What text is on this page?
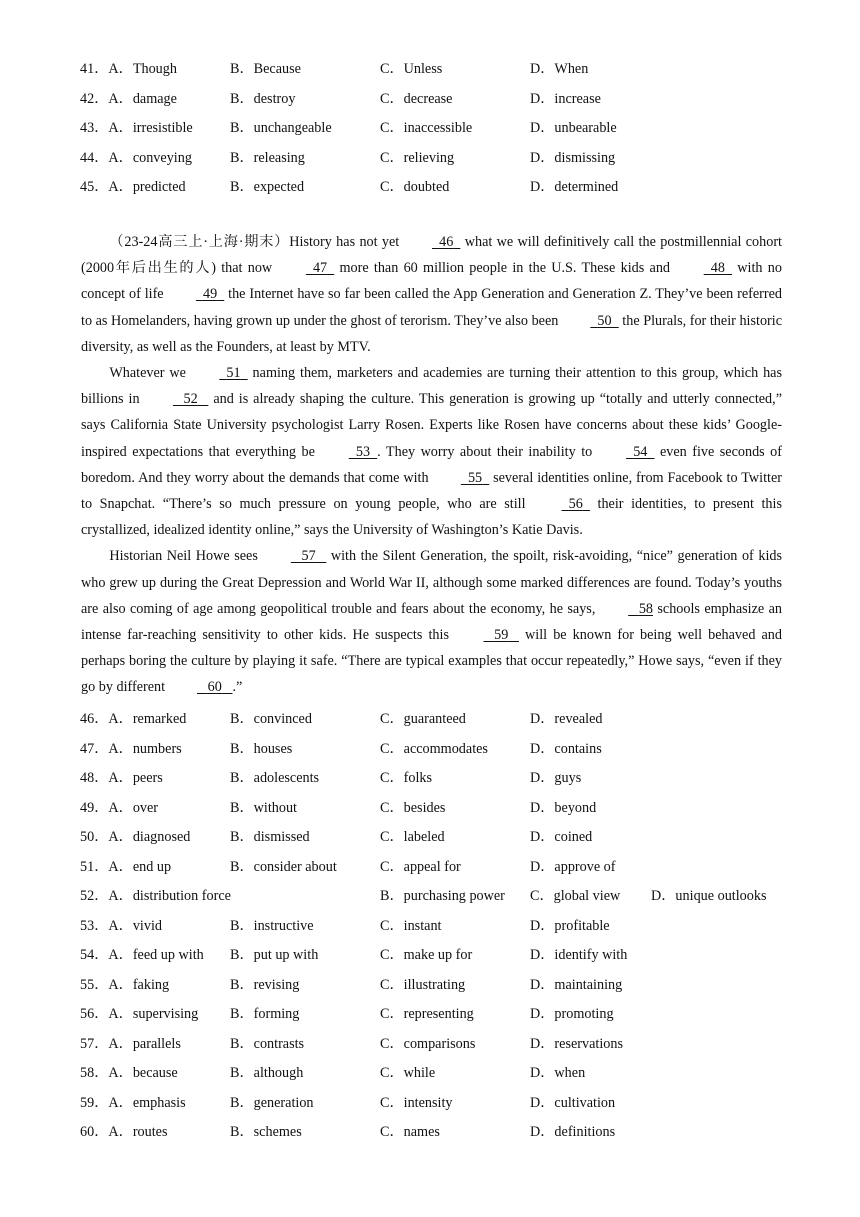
41．A．Though	B．Because	C．Unless	D．When
42．A．damage	B．destroy	C．decrease	D．increase
43．A．irresistible	B．unchangeable	C．inaccessible	D．unbearable
44．A．conveying	B．releasing	C．relieving	D．dismissing
45．A．predicted	B．expected	C．doubted	D．determined

（23-24高三上·上海·期末）History has not yet   46   what we will definitively call the postmillennial cohort (2000年后出生的人) that now   47   more than 60 million people in the U.S. These kids and   48   with no concept of life   49   the Internet have so far been called the App Generation and Generation Z. They’ve been referred to as Homelanders, having grown up under the ghost of terorism. They’ve also been   50   the Plurals, for their historic diversity, as well as the Founders, at least by MTV.

Whatever we   51   naming them, marketers and academies are turning their attention to this group, which has billions in	52    and is already shaping the culture. This generation is growing up “totally and utterly connected,” says California State University psychologist Larry Rosen. Experts like Rosen have concerns about these kids’ Google-inspired expectations that everything be   53 . They worry about their inability to   54   even five seconds of boredom. And they worry about the demands that come with   55   several identities online, from Facebook to Twitter to Snapchat. “There’s so much pressure on young people, who are still   56   their identities, to present this crystallized, idealized identity online,” says the University of Washington’s Katie Davis.

Historian Neil Howe sees	57    with the Silent Generation, the spoilt, risk-avoiding, “nice” generation of kids who grew up during the Great Depression and World War II, although some marked differences are found. Today’s youths are also coming of age among geopolitical trouble and fears about the economy, he says,	58 schools emphasize an intense far-reaching sensitivity to other kids. He suspects this	59    will be known for being well behaved and perhaps boring the culture by playing it safe. “There are typical examples that occur repeatedly,” Howe says, “even if they go by different	60 .”

46．A．remarked	B．convinced	C．guaranteed	D．revealed
47．A．numbers	B．houses	C．accommodates	D．contains
48．A．peers	B．adolescents	C．folks	D．guys
49．A．over	B．without	C．besides	D．beyond
50．A．diagnosed	B．dismissed	C．labeled	D．coined
51．A．end up	B．consider about	C．appeal for	D．approve of
52．A．distribution force	B．purchasing power C．global view D．unique outlooks
53．A．vivid	B．instructive	C．instant	D．profitable
54．A．feed up with B．put up with	C．make up for	D．identify with
55．A．faking	B．revising	C．illustrating	D．maintaining
56．A．supervising B．forming	C．representing	D．promoting
57．A．parallels	B．contrasts	C．comparisons	D．reservations
58．A．because	B．although	C．while	D．when
59．A．emphasis	B．generation	C．intensity	D．cultivation
60．A．routes	B．schemes	C．names	D．definitions
